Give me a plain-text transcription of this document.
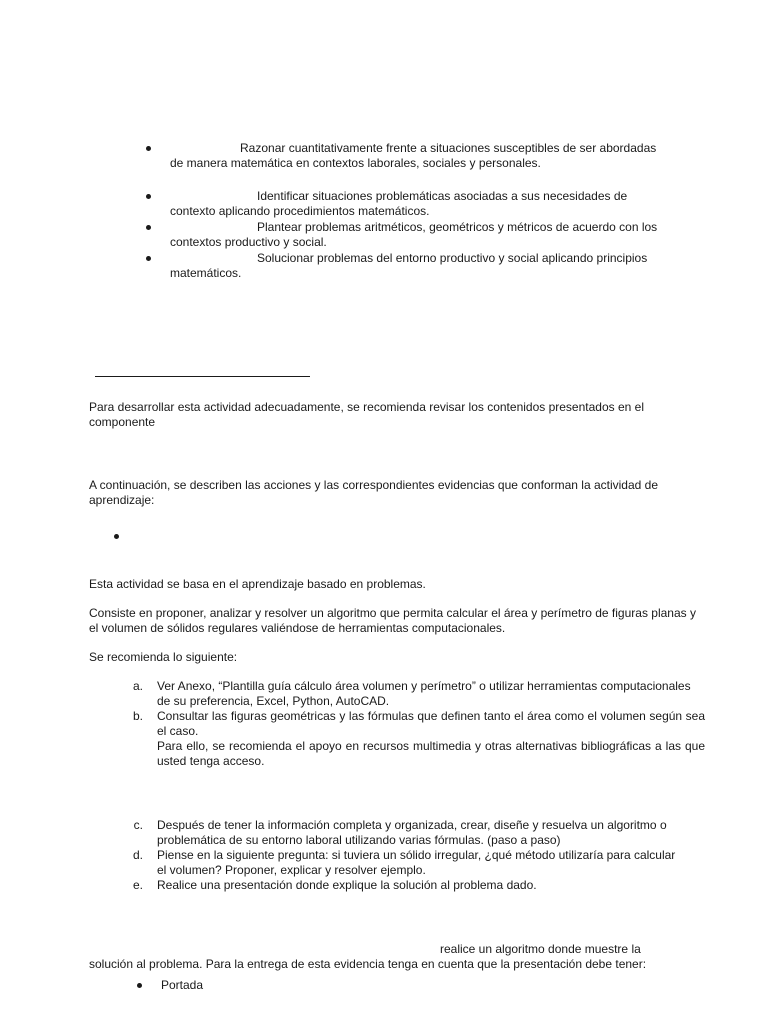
Razonar cuantitativamente frente a situaciones susceptibles de ser abordadas
de manera matemática en contextos laborales, sociales y personales.
Identificar situaciones problemáticas asociadas a sus necesidades de
contexto aplicando procedimientos matemáticos.
Plantear problemas aritméticos, geométricos y métricos de acuerdo con los
contextos productivo y social.
Solucionar problemas del entorno productivo y social aplicando principios
matemáticos.
Para desarrollar esta actividad adecuadamente, se recomienda revisar los contenidos presentados en el componente
A continuación, se describen las acciones y las correspondientes evidencias que conforman la actividad de aprendizaje:
Esta actividad se basa en el aprendizaje basado en problemas.
Consiste en proponer, analizar y resolver un algoritmo que permita calcular el área y perímetro de figuras planas y el volumen de sólidos regulares valiéndose de herramientas computacionales.
Se recomienda lo siguiente:
a. Ver Anexo, “Plantilla guía cálculo área volumen y perímetro” o utilizar herramientas computacionales de su preferencia, Excel, Python, AutoCAD.
b. Consultar las figuras geométricas y las fórmulas que definen tanto el área como el volumen según sea el caso.
Para ello, se recomienda el apoyo en recursos multimedia y otras alternativas bibliográficas a las que usted tenga acceso.
c. Después de tener la información completa y organizada, crear, diseñe y resuelva un algoritmo o problemática de su entorno laboral utilizando varias fórmulas. (paso a paso)
d. Piense en la siguiente pregunta: si tuviera un sólido irregular, ¿qué método utilizaría para calcular el volumen? Proponer, explicar y resolver ejemplo.
e. Realice una presentación donde explique la solución al problema dado.
realice un algoritmo donde muestre la
solución al problema. Para la entrega de esta evidencia tenga en cuenta que la presentación debe tener:
Portada
